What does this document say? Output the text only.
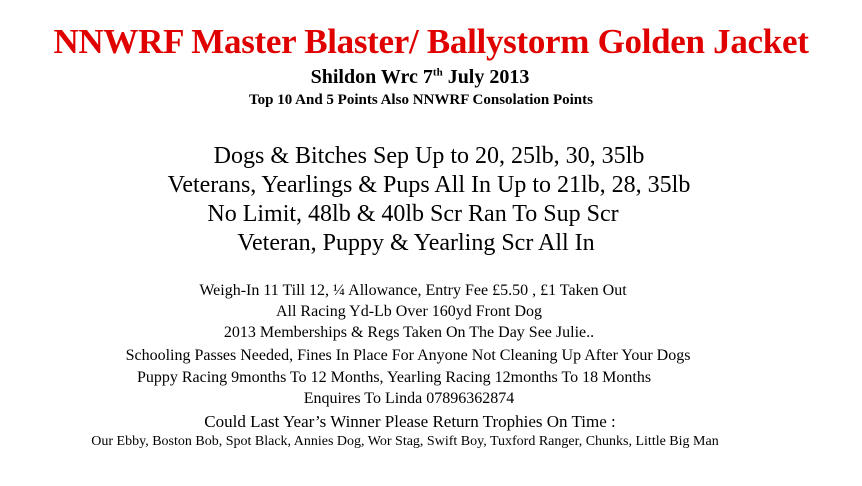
NNWRF Master Blaster/ Ballystorm Golden Jacket
Shildon Wrc 7th July 2013
Top 10 And 5 Points Also NNWRF Consolation Points
Dogs & Bitches Sep Up to 20, 25lb, 30, 35lb
Veterans, Yearlings & Pups All In Up to 21lb, 28, 35lb
No Limit, 48lb & 40lb Scr Ran To Sup Scr
Veteran, Puppy & Yearling Scr All In
Weigh-In 11 Till 12, ¼ Allowance, Entry Fee £5.50 , £1 Taken Out
All Racing Yd-Lb Over 160yd Front Dog
2013 Memberships & Regs Taken On The Day See Julie..
Schooling Passes Needed, Fines In Place For Anyone Not Cleaning Up After Your Dogs
Puppy Racing 9months To 12 Months, Yearling Racing 12months To 18 Months
Enquires To Linda 07896362874
Could Last Year’s Winner Please Return Trophies On Time :
Our Ebby, Boston Bob, Spot Black, Annies Dog, Wor Stag, Swift Boy, Tuxford Ranger, Chunks, Little Big Man
